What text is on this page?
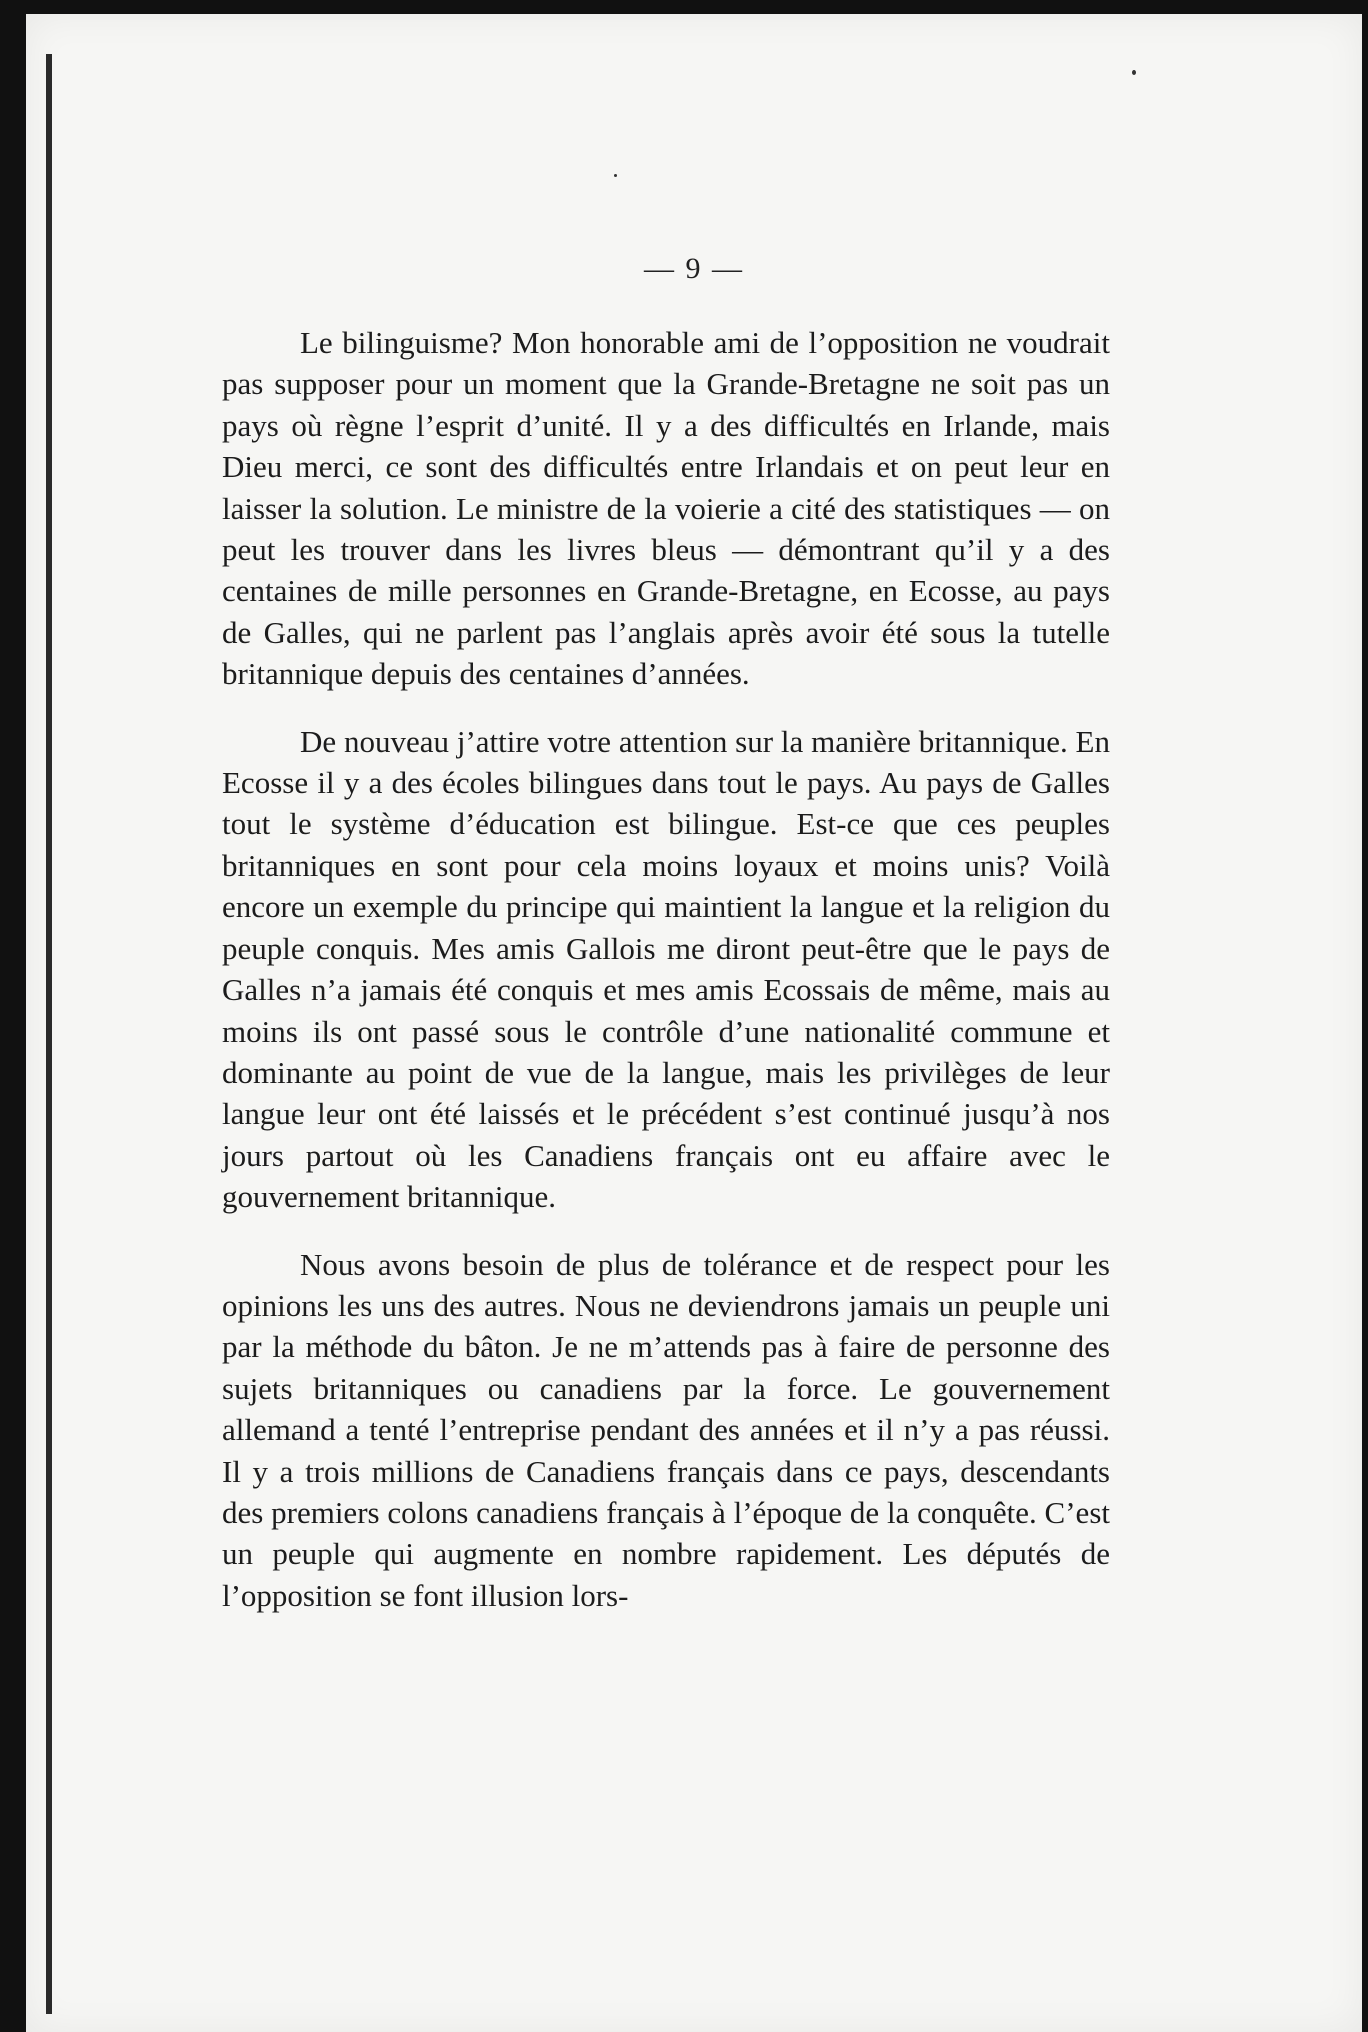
— 9 —

Le bilinguisme? Mon honorable ami de l’opposition ne voudrait pas supposer pour un moment que la Grande-Bretagne ne soit pas un pays où règne l’esprit d’unité. Il y a des difficultés en Irlande, mais Dieu merci, ce sont des difficultés entre Irlandais et on peut leur en laisser la solution. Le ministre de la voierie a cité des statistiques — on peut les trouver dans les livres bleus — démontrant qu’il y a des centaines de mille personnes en Grande-Bretagne, en Ecosse, au pays de Galles, qui ne parlent pas l’anglais après avoir été sous la tutelle britannique depuis des centaines d’années.

De nouveau j’attire votre attention sur la manière britannique. En Ecosse il y a des écoles bilingues dans tout le pays. Au pays de Galles tout le système d’éducation est bilingue. Est-ce que ces peuples britanniques en sont pour cela moins loyaux et moins unis? Voilà encore un exemple du principe qui maintient la langue et la religion du peuple conquis. Mes amis Gallois me diront peut-être que le pays de Galles n’a jamais été conquis et mes amis Ecossais de même, mais au moins ils ont passé sous le contrôle d’une nationalité commune et dominante au point de vue de la langue, mais les privilèges de leur langue leur ont été laissés et le précédent s’est continué jusqu’à nos jours partout où les Canadiens français ont eu affaire avec le gouvernement britannique.

Nous avons besoin de plus de tolérance et de respect pour les opinions les uns des autres. Nous ne deviendrons jamais un peuple uni par la méthode du bâton. Je ne m’attends pas à faire de personne des sujets britanniques ou canadiens par la force. Le gouvernement allemand a tenté l’entreprise pendant des années et il n’y a pas réussi. Il y a trois millions de Canadiens français dans ce pays, descendants des premiers colons canadiens français à l’époque de la conquête. C’est un peuple qui augmente en nombre rapidement. Les députés de l’opposition se font illusion lors-
